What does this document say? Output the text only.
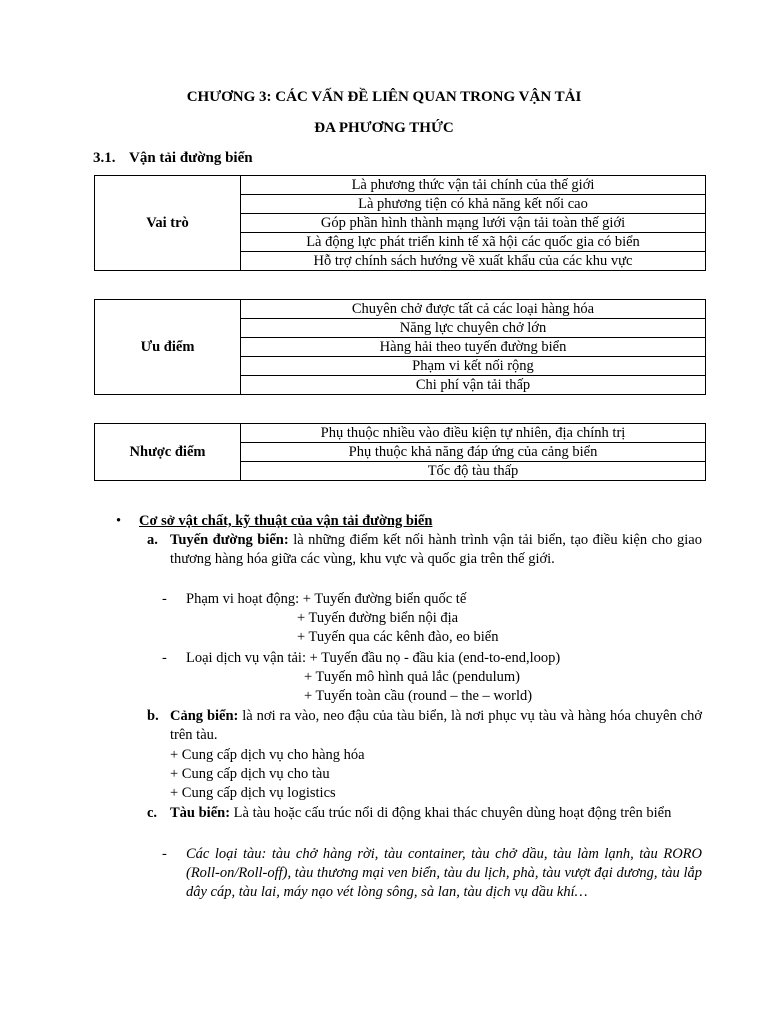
CHƯƠNG 3: CÁC VẤN ĐỀ LIÊN QUAN TRONG VẬN TẢI
ĐA PHƯƠNG THỨC
3.1. Vận tải đường biển
Vai trò	Là phương thức vận tải chính của thế giới
Là phương tiện có khả năng kết nối cao
Góp phần hình thành mạng lưới vận tải toàn thế giới
Là động lực phát triển kinh tế xã hội các quốc gia có biển
Hỗ trợ chính sách hướng về xuất khẩu của các khu vực
Ưu điểm	Chuyên chở được tất cả các loại hàng hóa
Năng lực chuyên chở lớn
Hàng hải theo tuyến đường biển
Phạm vi kết nối rộng
Chi phí vận tải thấp
Nhược điểm	Phụ thuộc nhiều vào điều kiện tự nhiên, địa chính trị
Phụ thuộc khả năng đáp ứng của cảng biển
Tốc độ tàu thấp
• Cơ sở vật chất, kỹ thuật của vận tải đường biển
a. Tuyến đường biển: là những điểm kết nối hành trình vận tải biển, tạo điều kiện cho giao thương hàng hóa giữa các vùng, khu vực và quốc gia trên thế giới.
- Phạm vi hoạt động: + Tuyến đường biển quốc tế
+ Tuyến đường biển nội địa
+ Tuyến qua các kênh đào, eo biển
- Loại dịch vụ vận tải: + Tuyến đầu nọ - đầu kia (end-to-end,loop)
+ Tuyến mô hình quả lắc (pendulum)
+ Tuyến toàn cầu (round – the – world)
b. Cảng biển: là nơi ra vào, neo đậu của tàu biển, là nơi phục vụ tàu và hàng hóa chuyên chở trên tàu.
+ Cung cấp dịch vụ cho hàng hóa
+ Cung cấp dịch vụ cho tàu
+ Cung cấp dịch vụ logistics
c. Tàu biển: Là tàu hoặc cấu trúc nổi di động khai thác chuyên dùng hoạt động trên biển
- Các loại tàu: tàu chở hàng rời, tàu container, tàu chở dầu, tàu làm lạnh, tàu RORO (Roll-on/Roll-off), tàu thương mại ven biển, tàu du lịch, phà, tàu vượt đại dương, tàu lắp dây cáp, tàu lai, máy nạo vét lòng sông, sà lan, tàu dịch vụ dầu khí…
